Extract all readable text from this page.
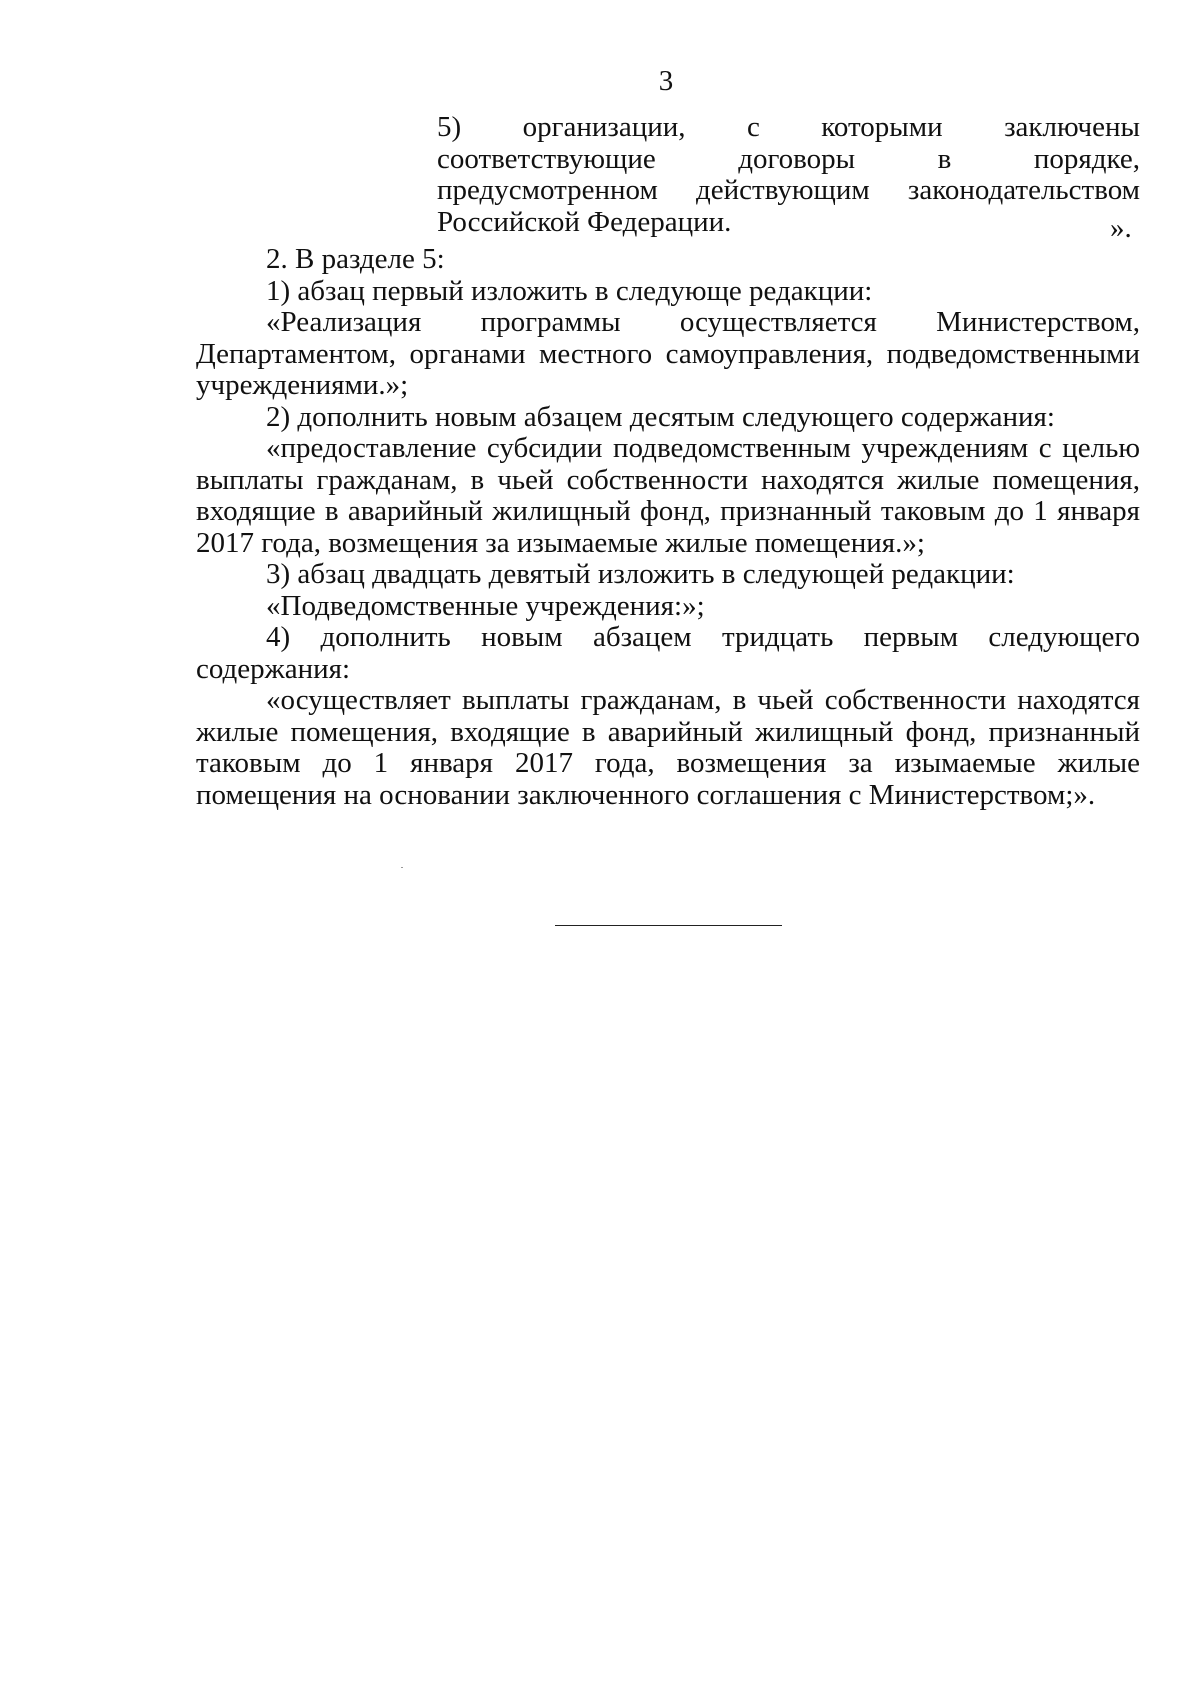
3

5) организации, с которыми заключены соответствующие договоры в порядке, предусмотренном действующим законодательством Российской Федерации.	».

2. В разделе 5:

1) абзац первый изложить в следующе редакции:

«Реализация программы осуществляется Министерством, Департаментом, органами местного самоуправления, подведомственными учреждениями.»;

2) дополнить новым абзацем десятым следующего содержания:

«предоставление субсидии подведомственным учреждениям с целью выплаты гражданам, в чьей собственности находятся жилые помещения, входящие в аварийный жилищный фонд, признанный таковым до 1 января 2017 года, возмещения за изымаемые жилые помещения.»;

3) абзац двадцать девятый изложить в следующей редакции:

«Подведомственные учреждения:»;

4) дополнить новым абзацем тридцать первым следующего содержания:

«осуществляет выплаты гражданам, в чьей собственности находятся жилые помещения, входящие в аварийный жилищный фонд, признанный таковым до 1 января 2017 года, возмещения за изымаемые жилые помещения на основании заключенного соглашения с Министерством;».
